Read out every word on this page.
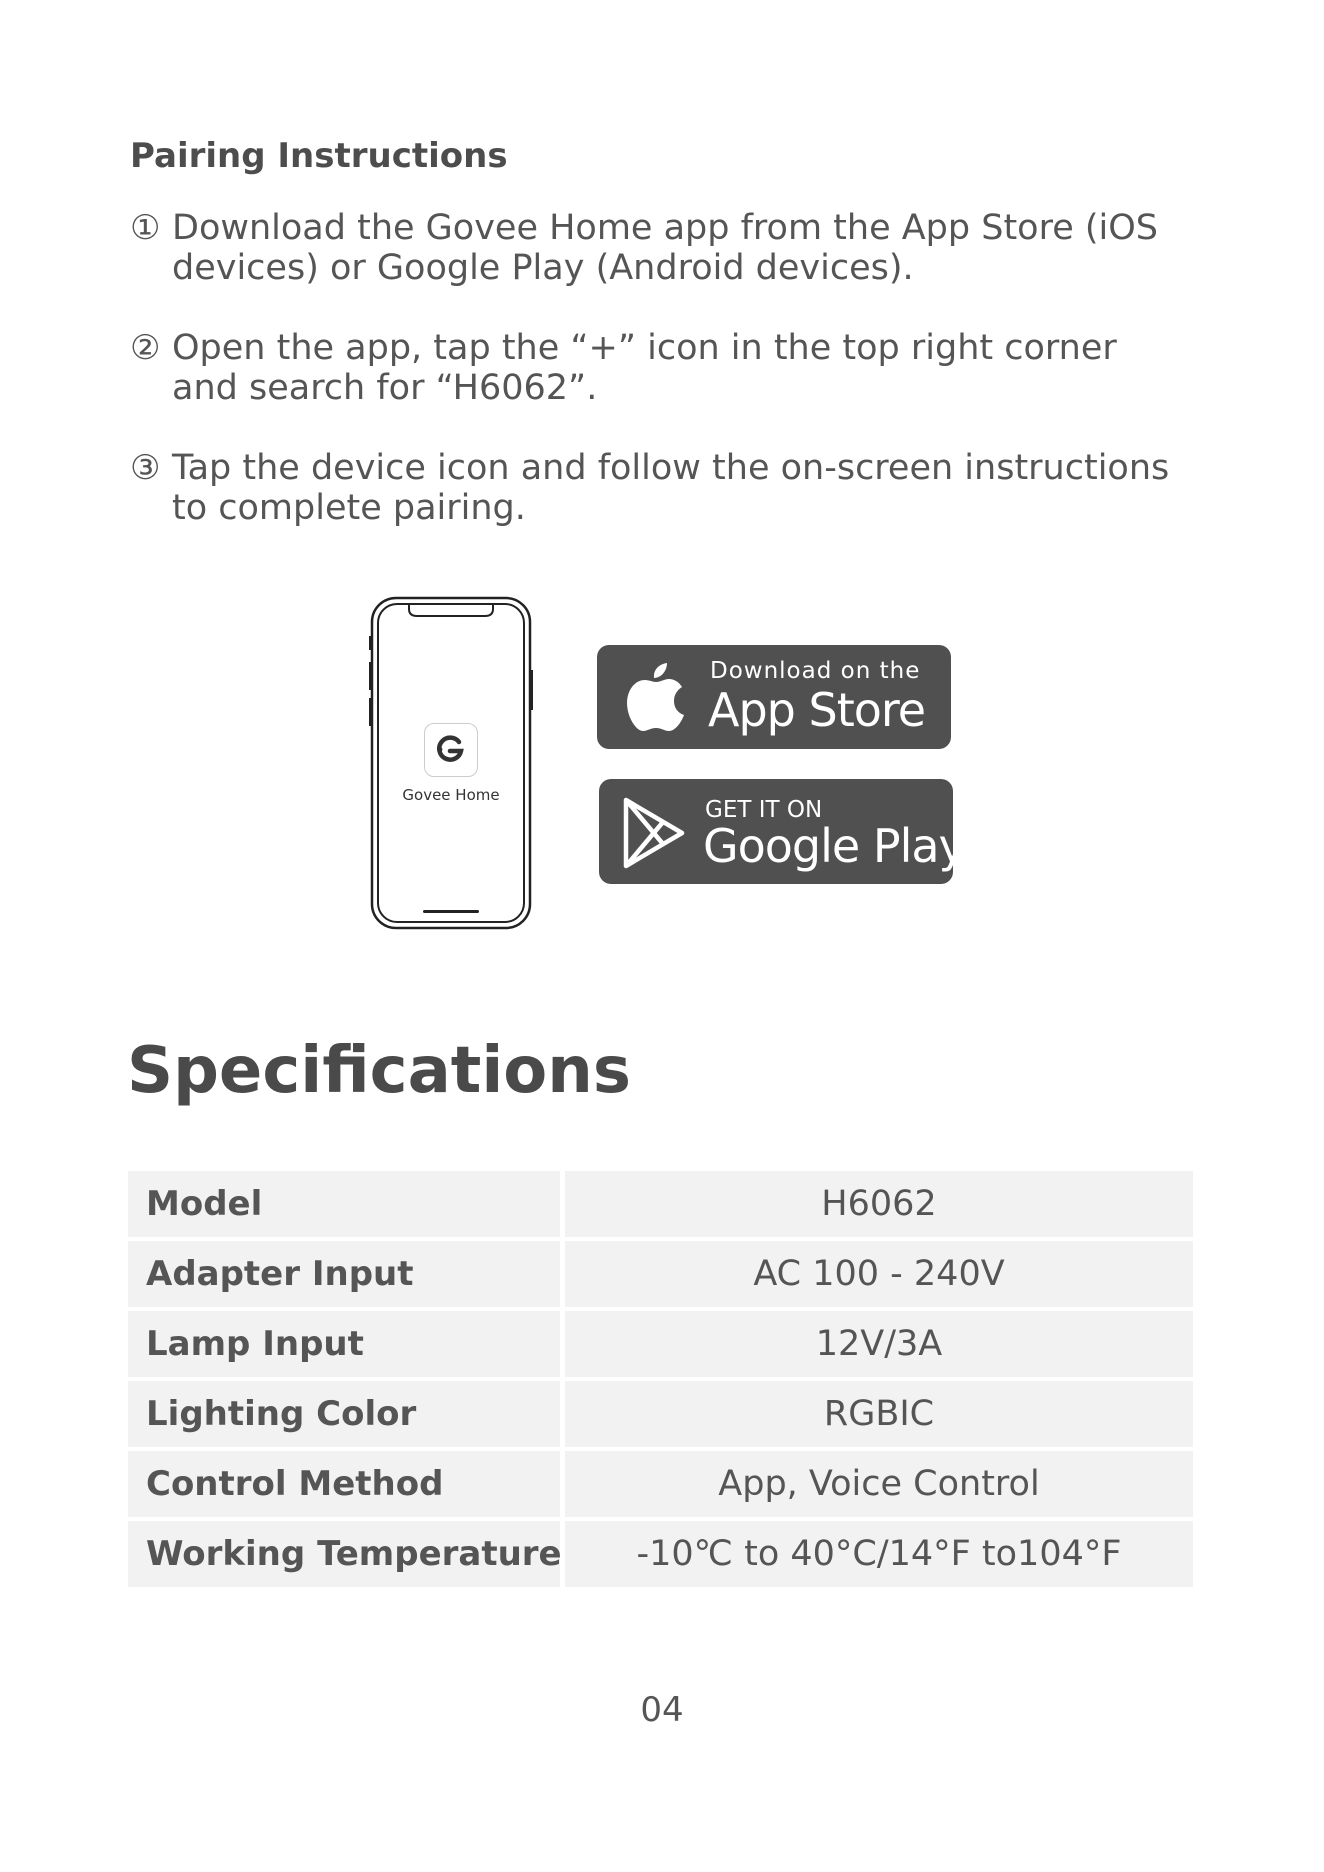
Pairing Instructions
① Download the Govee Home app from the App Store (iOS devices) or Google Play (Android devices).
② Open the app, tap the “+” icon in the top right corner and search for “H6062”.
③ Tap the device icon and follow the on-screen instructions to complete pairing.
Govee Home
Download on the
App Store
GET IT ON
Google Play
Specifications
Model	H6062
Adapter Input	AC 100 - 240V
Lamp Input	12V/3A
Lighting Color	RGBIC
Control Method	App, Voice Control
Working Temperature	-10℃ to 40°C/14°F to104°F
04
